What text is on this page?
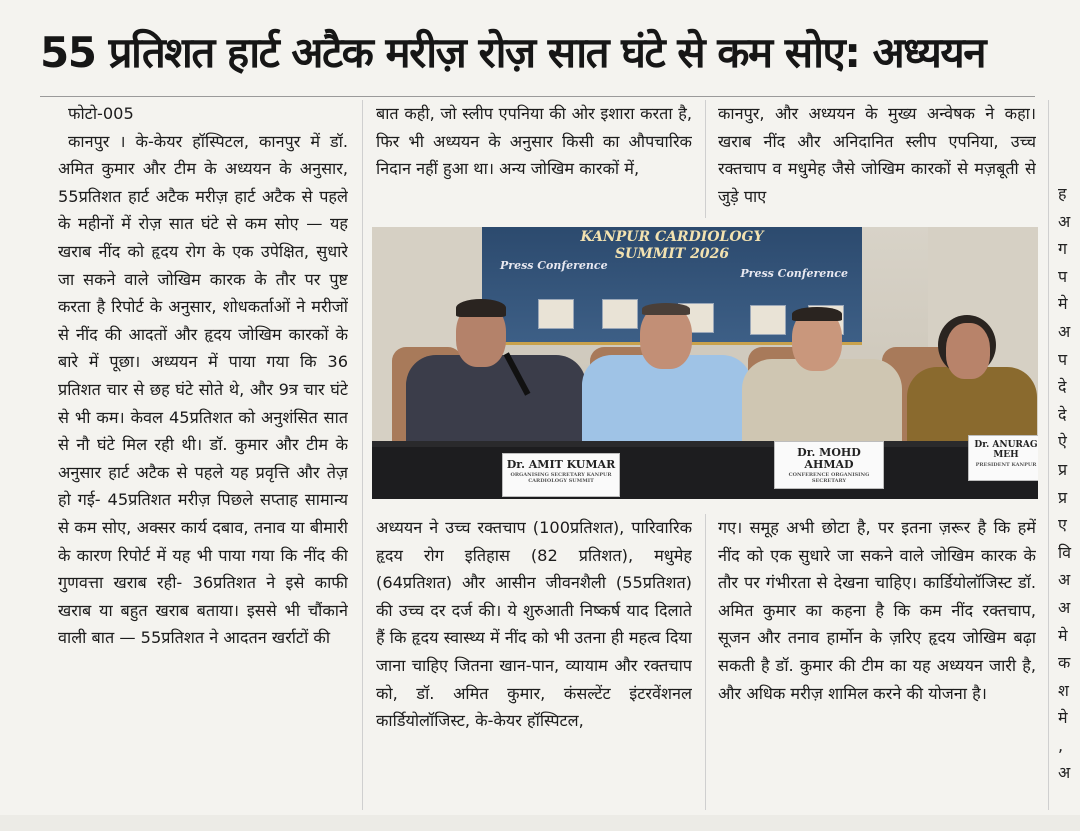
55 प्रतिशत हार्ट अटैक मरीज़ रोज़ सात घंटे से कम सोए: अध्ययन

फोटो-005

कानपुर । के-केयर हॉस्पिटल, कानपुर में डॉ. अमित कुमार और टीम के अध्ययन के अनुसार, 55प्रतिशत हार्ट अटैक मरीज़ हार्ट अटैक से पहले के महीनों में रोज़ सात घंटे से कम सोए — यह खराब नींद को हृदय रोग के एक उपेक्षित, सुधारे जा सकने वाले जोखिम कारक के तौर पर पुष्ट करता है रिपोर्ट के अनुसार, शोधकर्ताओं ने मरीजों से नींद की आदतों और हृदय जोखिम कारकों के बारे में पूछा। अध्ययन में पाया गया कि 36 प्रतिशत चार से छह घंटे सोते थे, और 9त्र चार घंटे से भी कम। केवल 45प्रतिशत को अनुशंसित सात से नौ घंटे मिल रही थी। डॉ. कुमार और टीम के अनुसार हार्ट अटैक से पहले यह प्रवृत्ति और तेज़ हो गई- 45प्रतिशत मरीज़ पिछले सप्ताह सामान्य से कम सोए, अक्सर कार्य दबाव, तनाव या बीमारी के कारण रिपोर्ट में यह भी पाया गया कि नींद की गुणवत्ता खराब रही- 36प्रतिशत ने इसे काफी खराब या बहुत खराब बताया। इससे भी चौंकाने वाली बात — 55प्रतिशत ने आदतन खर्राटों की

बात कही, जो स्लीप एपनिया की ओर इशारा करता है, फिर भी अध्ययन के अनुसार किसी का औपचारिक निदान नहीं हुआ था। अन्य जोखिम कारकों में,

कानपुर, और अध्ययन के मुख्य अन्वेषक ने कहा। खराब नींद और अनिदानित स्लीप एपनिया, उच्च रक्तचाप व मधुमेह जैसे जोखिम कारकों से मज़बूती से जुड़े पाए

KANPUR CARDIOLOGY
SUMMIT 2026
Press Conference
Press Conference
Dr. AMIT KUMAR
ORGANISING SECRETARY KANPUR CARDIOLOGY SUMMIT
Dr. MOHD AHMAD
CONFERENCE ORGANISING SECRETARY
Dr. ANURAG MEH
PRESIDENT KANPUR

अध्ययन ने उच्च रक्तचाप (100प्रतिशत), पारिवारिक हृदय रोग इतिहास (82 प्रतिशत), मधुमेह (64प्रतिशत) और आसीन जीवनशैली (55प्रतिशत) की उच्च दर दर्ज की। ये शुरुआती निष्कर्ष याद दिलाते हैं कि हृदय स्वास्थ्य में नींद को भी उतना ही महत्व दिया जाना चाहिए जितना खान-पान, व्यायाम और रक्तचाप को, डॉ. अमित कुमार, कंसल्टेंट इंटरवेंशनल कार्डियोलॉजिस्ट, के-केयर हॉस्पिटल,

गए। समूह अभी छोटा है, पर इतना ज़रूर है कि हमें नींद को एक सुधारे जा सकने वाले जोखिम कारक के तौर पर गंभीरता से देखना चाहिए। कार्डियोलॉजिस्ट डॉ. अमित कुमार का कहना है कि कम नींद रक्तचाप, सूजन और तनाव हार्मोन के ज़रिए हृदय जोखिम बढ़ा सकती है डॉ. कुमार की टीम का यह अध्ययन जारी है, और अधिक मरीज़ शामिल करने की योजना है।

ह
अ
ग
प
मे
अ
प
दे
दे
ऐ
प्र
प्र
ए
वि
अ
अ
मे
क
श
मे
,
अ
